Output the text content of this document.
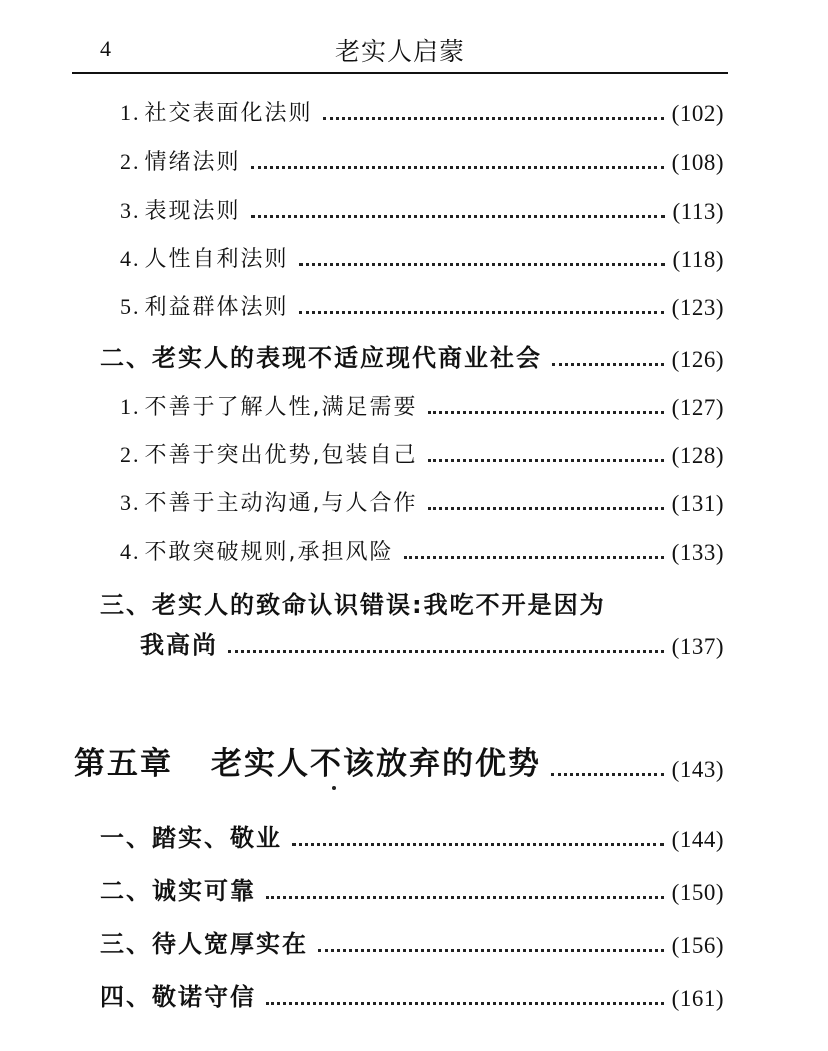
4	老实人启蒙
1. 社交表面化法则	(102)
2. 情绪法则	(108)
3. 表现法则	(113)
4. 人性自利法则	(118)
5. 利益群体法则	(123)
二、老实人的表现不适应现代商业社会	(126)
1. 不善于了解人性,满足需要	(127)
2. 不善于突出优势,包装自己	(128)
3. 不善于主动沟通,与人合作	(131)
4. 不敢突破规则,承担风险	(133)
三、老实人的致命认识错误:我吃不开是因为
我高尚	(137)
第五章 老实人不该放弃的优势	(143)
一、踏实、敬业	(144)
二、诚实可靠	(150)
三、待人宽厚实在	(156)
四、敬诺守信	(161)
